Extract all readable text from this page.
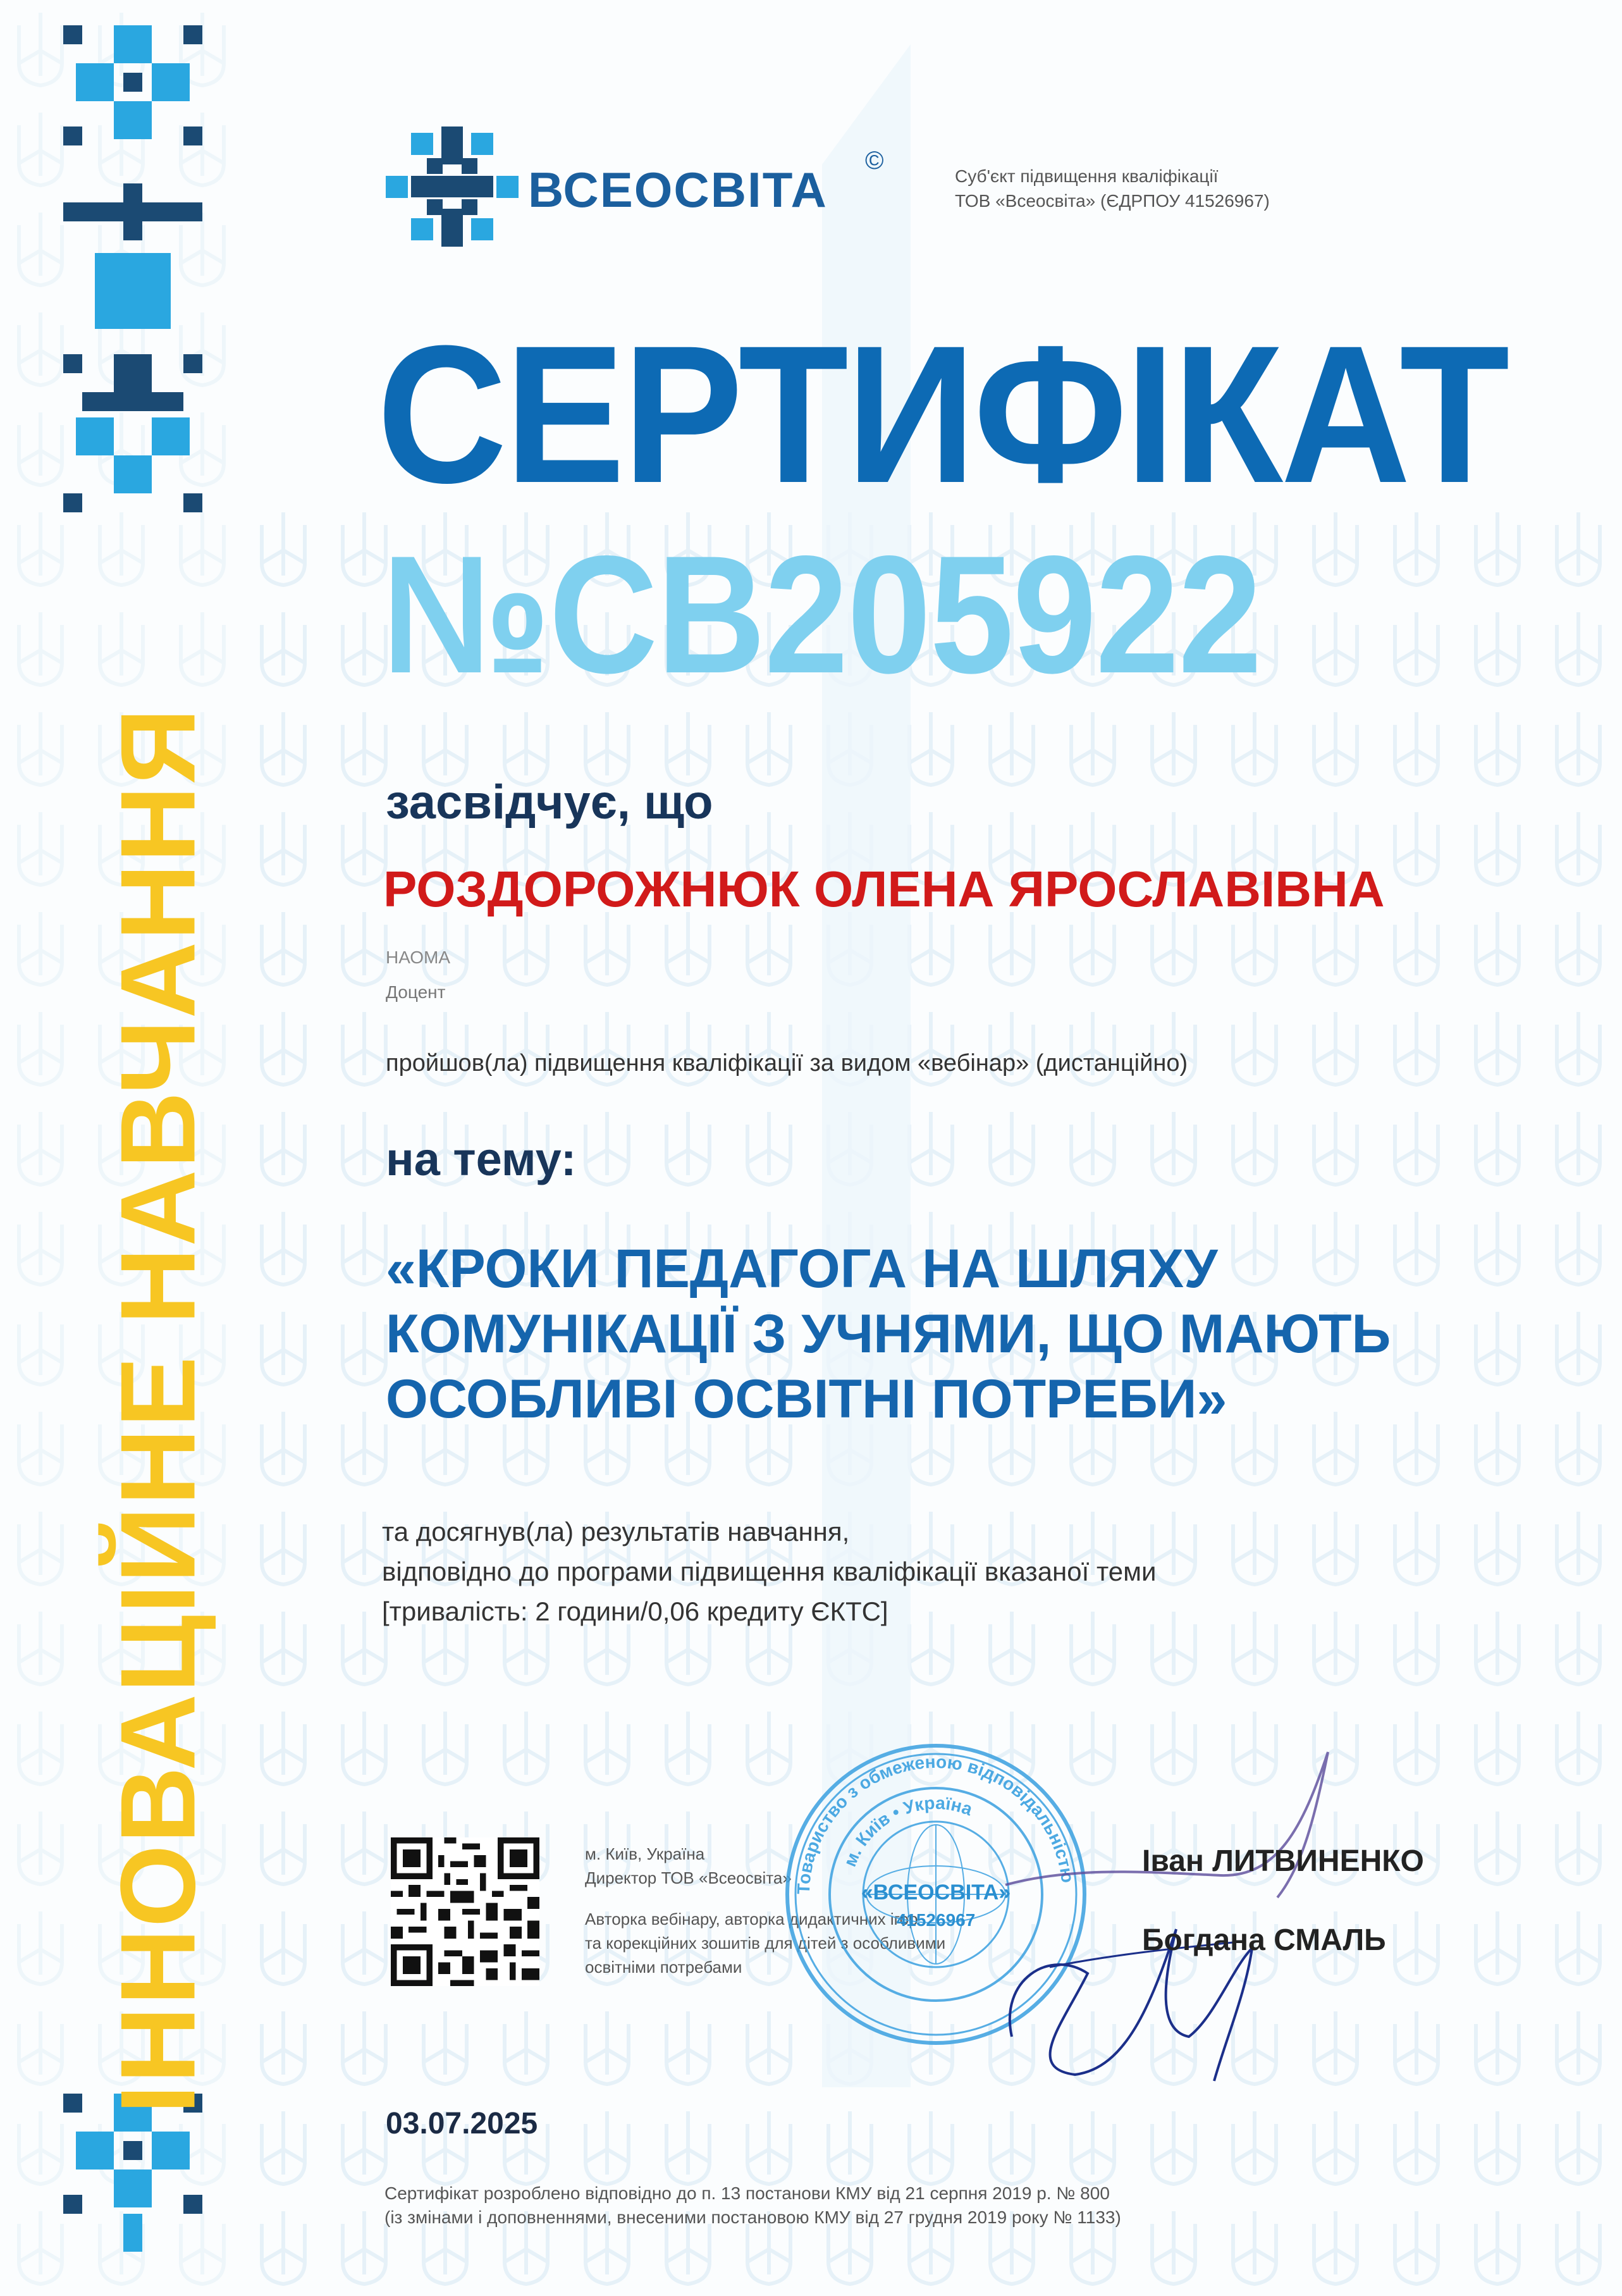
ІННОВАЦІЙНЕ НАВЧАННЯ
ВСЕОСВІТА
©
Суб'єкт підвищення кваліфікації
ТОВ «Всеосвіта» (ЄДРПОУ 41526967)
СЕРТИФІКАТ
№СВ205922
засвідчує, що
РОЗДОРОЖНЮК ОЛЕНА ЯРОСЛАВІВНА
НАОМА
Доцент
пройшов(ла) підвищення кваліфікації за видом «вебінар» (дистанційно)
на тему:
«КРОКИ ПЕДАГОГА НА ШЛЯХУ
КОМУНІКАЦІЇ З УЧНЯМИ, ЩО МАЮТЬ
ОСОБЛИВІ ОСВІТНІ ПОТРЕБИ»
та досягнув(ла) результатів навчання,
відповідно до програми підвищення кваліфікації вказаної теми
[тривалість: 2 години/0,06 кредиту ЄКТС]
м. Київ, Україна
Директор ТОВ «Всеосвіта»
Авторка вебінару, авторка дидактичних ігор
та корекційних зошитів для дітей з особливими
освітніми потребами
Товариство з обмеженою відповідальністю
м. Київ • Україна
«ВСЕОСВІТА»
41526967
Іван ЛИТВИНЕНКО
Богдана СМАЛЬ
03.07.2025
Сертифікат розроблено відповідно до п. 13 постанови КМУ від 21 серпня 2019 р. № 800
(із змінами і доповненнями, внесеними постановою КМУ від 27 грудня 2019 року № 1133)
